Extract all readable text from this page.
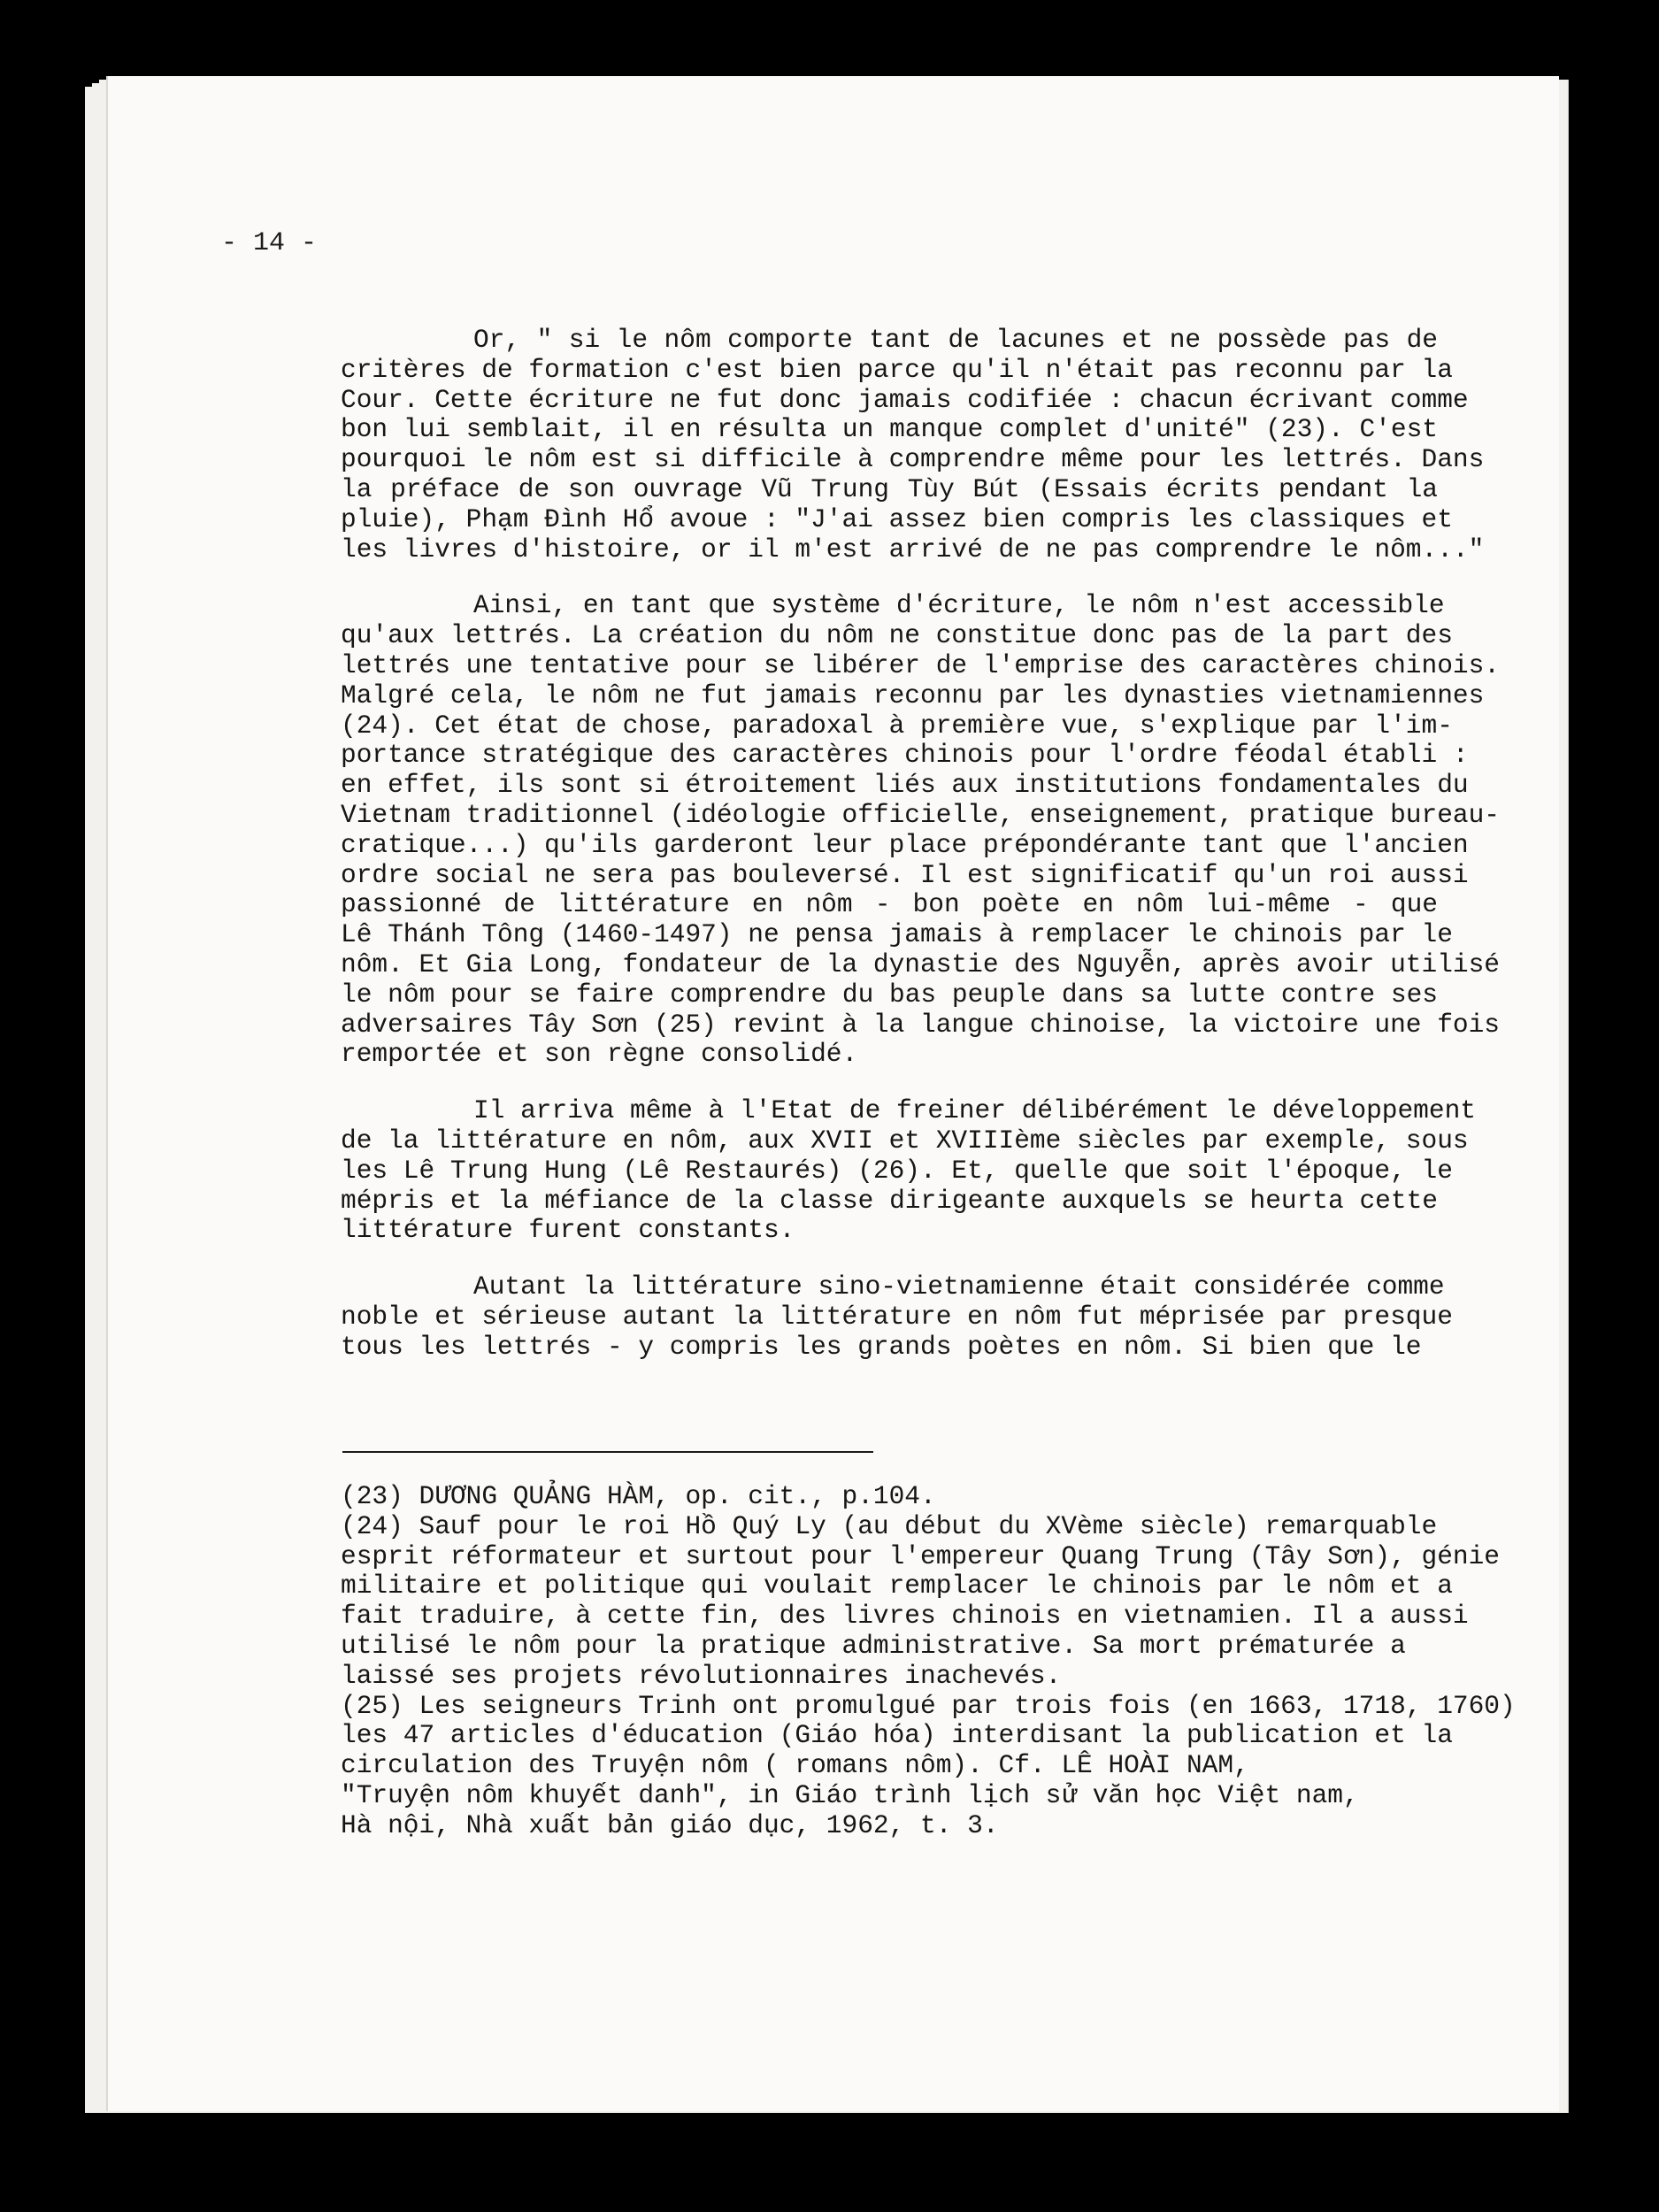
- 14 -
Or, " si le nôm comporte tant de lacunes et ne possède pas de
critères de formation c'est bien parce qu'il n'était pas reconnu par la
Cour. Cette écriture ne fut donc jamais codifiée : chacun écrivant comme
bon lui semblait, il en résulta un manque complet d'unité" (23). C'est
pourquoi le nôm est si difficile à comprendre même pour les lettrés. Dans
la préface de son ouvrage Vũ Trung Tùy Bút (Essais écrits pendant la
pluie), Phạm Đình Hổ avoue : "J'ai assez bien compris les classiques et
les livres d'histoire, or il m'est arrivé de ne pas comprendre le nôm..."
Ainsi, en tant que système d'écriture, le nôm n'est accessible
qu'aux lettrés. La création du nôm ne constitue donc pas de la part des
lettrés une tentative pour se libérer de l'emprise des caractères chinois.
Malgré cela, le nôm ne fut jamais reconnu par les dynasties vietnamiennes
(24). Cet état de chose, paradoxal à première vue, s'explique par l'im-
portance stratégique des caractères chinois pour l'ordre féodal établi :
en effet, ils sont si étroitement liés aux institutions fondamentales du
Vietnam traditionnel (idéologie officielle, enseignement, pratique bureau-
cratique...) qu'ils garderont leur place prépondérante tant que l'ancien
ordre social ne sera pas bouleversé. Il est significatif qu'un roi aussi
passionné de littérature en nôm - bon poète en nôm lui-même - que
Lê Thánh Tông (1460-1497) ne pensa jamais à remplacer le chinois par le
nôm. Et Gia Long, fondateur de la dynastie des Nguyễn, après avoir utilisé
le nôm pour se faire comprendre du bas peuple dans sa lutte contre ses
adversaires Tây Sơn (25) revint à la langue chinoise, la victoire une fois
remportée et son règne consolidé.
Il arriva même à l'Etat de freiner délibérément le développement
de la littérature en nôm, aux XVII et XVIIIème siècles par exemple, sous
les Lê Trung Hung (Lê Restaurés) (26). Et, quelle que soit l'époque, le
mépris et la méfiance de la classe dirigeante auxquels se heurta cette
littérature furent constants.
Autant la littérature sino-vietnamienne était considérée comme
noble et sérieuse autant la littérature en nôm fut méprisée par presque
tous les lettrés - y compris les grands poètes en nôm. Si bien que le
(23) DƯƠNG QUẢNG HÀM, op. cit., p.104.
(24) Sauf pour le roi Hồ Quý Ly (au début du XVème siècle) remarquable
esprit réformateur et surtout pour l'empereur Quang Trung (Tây Sơn), génie
militaire et politique qui voulait remplacer le chinois par le nôm et a
fait traduire, à cette fin, des livres chinois en vietnamien. Il a aussi
utilisé le nôm pour la pratique administrative. Sa mort prématurée a
laissé ses projets révolutionnaires inachevés.
(25) Les seigneurs Trinh ont promulgué par trois fois (en 1663, 1718, 1760)
les 47 articles d'éducation (Giáo hóa) interdisant la publication et la
circulation des Truyện nôm ( romans nôm). Cf. LÊ HOÀI NAM,
"Truyện nôm khuyết danh", in Giáo trình lịch sử văn học Việt nam,
Hà nội, Nhà xuất bản giáo dục, 1962, t. 3.
